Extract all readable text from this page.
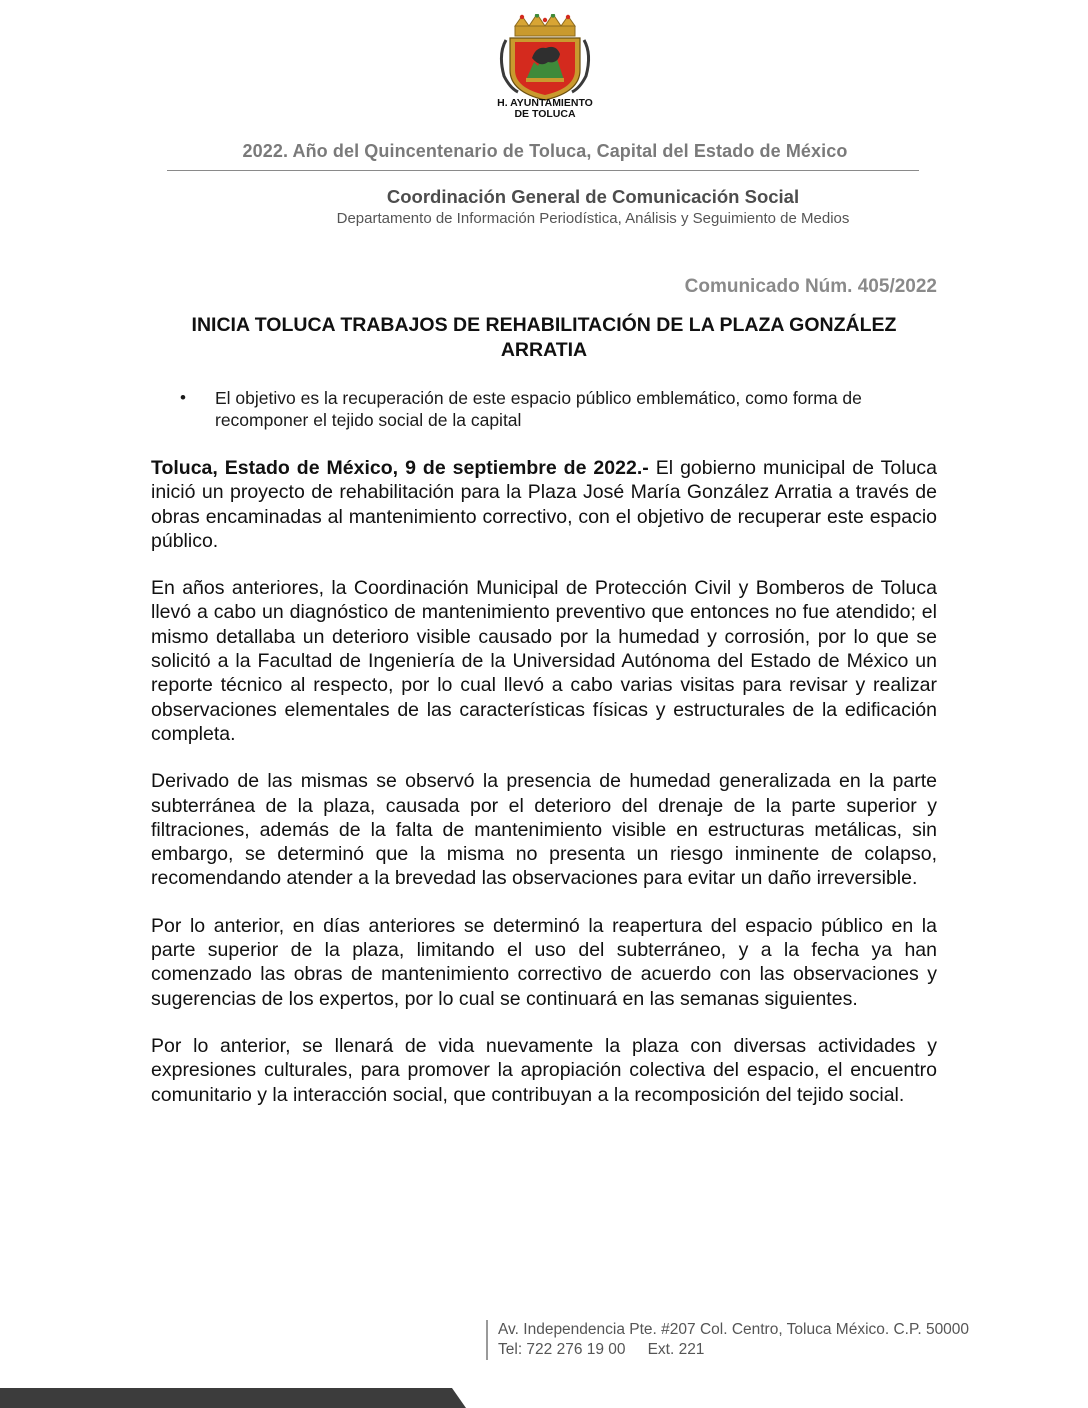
H. AYUNTAMIENTO
DE TOLUCA
2022. Año del Quincentenario de Toluca, Capital del Estado de México
Coordinación General de Comunicación Social
Departamento de Información Periodística, Análisis y Seguimiento de Medios
Comunicado Núm. 405/2022
INICIA TOLUCA TRABAJOS DE REHABILITACIÓN DE LA PLAZA GONZÁLEZ ARRATIA
• El objetivo es la recuperación de este espacio público emblemático, como forma de recomponer el tejido social de la capital

Toluca, Estado de México, 9 de septiembre de 2022.- El gobierno municipal de Toluca inició un proyecto de rehabilitación para la Plaza José María González Arratia a través de obras encaminadas al mantenimiento correctivo, con el objetivo de recuperar este espacio público.

En años anteriores, la Coordinación Municipal de Protección Civil y Bomberos de Toluca llevó a cabo un diagnóstico de mantenimiento preventivo que entonces no fue atendido; el mismo detallaba un deterioro visible causado por la humedad y corrosión, por lo que se solicitó a la Facultad de Ingeniería de la Universidad Autónoma del Estado de México un reporte técnico al respecto, por lo cual llevó a cabo varias visitas para revisar y realizar observaciones elementales de las características físicas y estructurales de la edificación completa.

Derivado de las mismas se observó la presencia de humedad generalizada en la parte subterránea de la plaza, causada por el deterioro del drenaje de la parte superior y filtraciones, además de la falta de mantenimiento visible en estructuras metálicas, sin embargo, se determinó que la misma no presenta un riesgo inminente de colapso, recomendando atender a la brevedad las observaciones para evitar un daño irreversible.

Por lo anterior, en días anteriores se determinó la reapertura del espacio público en la parte superior de la plaza, limitando el uso del subterráneo, y a la fecha ya han comenzado las obras de mantenimiento correctivo de acuerdo con las observaciones y sugerencias de los expertos, por lo cual se continuará en las semanas siguientes.

Por lo anterior, se llenará de vida nuevamente la plaza con diversas actividades y expresiones culturales, para promover la apropiación colectiva del espacio, el encuentro comunitario y la interacción social, que contribuyan a la recomposición del tejido social.

Av. Independencia Pte. #207 Col. Centro, Toluca México. C.P. 50000
Tel: 722 276 19 00 Ext. 221
